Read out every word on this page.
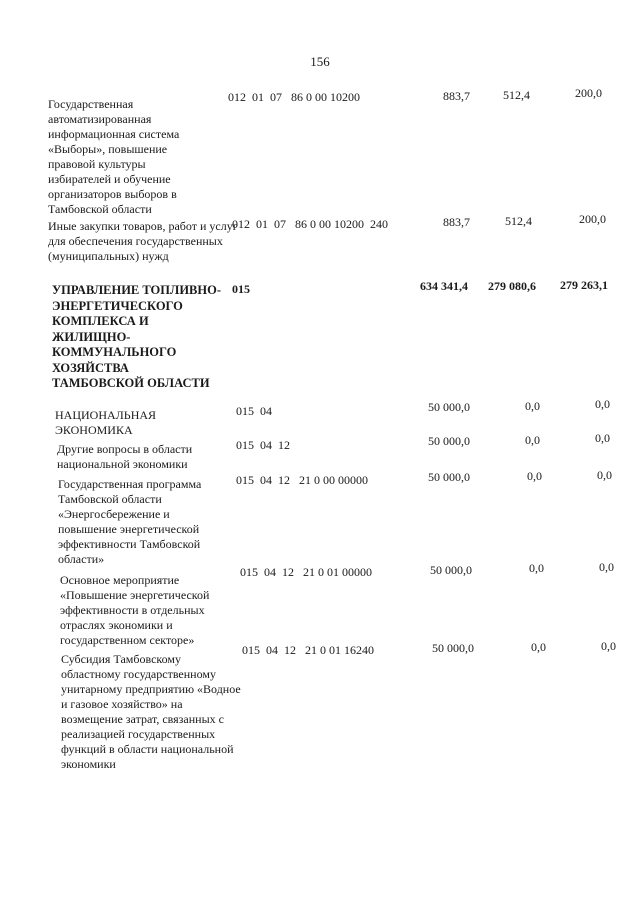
156
Государственная автоматизированная информационная система «Выборы», повышение правовой культуры избирателей и обучение организаторов выборов в Тамбовской области
012  01  07   86 0 00 10200	883,7	512,4	200,0
Иные закупки товаров, работ и услуг для обеспечения государственных (муниципальных) нужд
012  01  07   86 0 00 10200  240	883,7	512,4	200,0
УПРАВЛЕНИЕ ТОПЛИВНО-ЭНЕРГЕТИЧЕСКОГО КОМПЛЕКСА И ЖИЛИЩНО-КОММУНАЛЬНОГО ХОЗЯЙСТВА ТАМБОВСКОЙ ОБЛАСТИ
015	634 341,4	279 080,6	279 263,1
НАЦИОНАЛЬНАЯ ЭКОНОМИКА
015  04	50 000,0	0,0	0,0
Другие вопросы в области национальной экономики
015  04  12	50 000,0	0,0	0,0
Государственная программа Тамбовской области «Энергосбережение и повышение энергетической эффективности Тамбовской области»
015  04  12   21 0 00 00000	50 000,0	0,0	0,0
Основное мероприятие «Повышение энергетической эффективности в отдельных отраслях экономики и государственном секторе»
015  04  12   21 0 01 00000	50 000,0	0,0	0,0
Субсидия Тамбовскому областному государственному унитарному предприятию «Водное и газовое хозяйство» на возмещение затрат, связанных с реализацией государственных функций в области национальной экономики
015  04  12   21 0 01 16240	50 000,0	0,0	0,0
